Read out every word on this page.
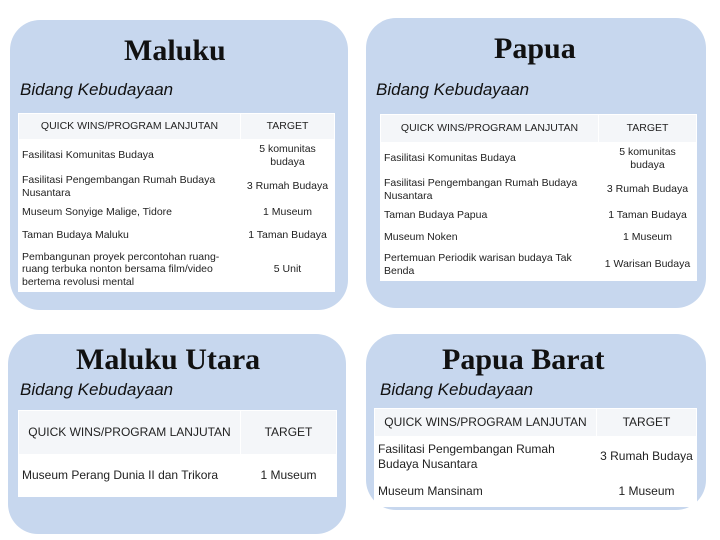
Maluku
Bidang Kebudayaan
QUICK WINS/PROGRAM LANJUTAN	TARGET
Fasilitasi Komunitas Budaya	5 komunitas budaya
Fasilitasi Pengembangan Rumah Budaya Nusantara	3 Rumah Budaya
Museum Sonyige Malige, Tidore	1 Museum
Taman Budaya Maluku	1 Taman Budaya
Pembangunan proyek percontohan ruang-ruang terbuka nonton bersama film/video bertema revolusi mental	5 Unit
Papua
Bidang Kebudayaan
QUICK WINS/PROGRAM LANJUTAN	TARGET
Fasilitasi Komunitas Budaya	5 komunitas budaya
Fasilitasi Pengembangan Rumah Budaya Nusantara	3 Rumah Budaya
Taman Budaya Papua	1 Taman Budaya
Museum Noken	1 Museum
Pertemuan Periodik warisan budaya Tak Benda	1 Warisan Budaya
Maluku Utara
Bidang Kebudayaan
QUICK WINS/PROGRAM LANJUTAN	TARGET
Museum Perang Dunia II dan Trikora	1 Museum
Papua Barat
Bidang Kebudayaan
QUICK WINS/PROGRAM LANJUTAN	TARGET
Fasilitasi Pengembangan Rumah Budaya Nusantara	3 Rumah Budaya
Museum Mansinam	1 Museum
